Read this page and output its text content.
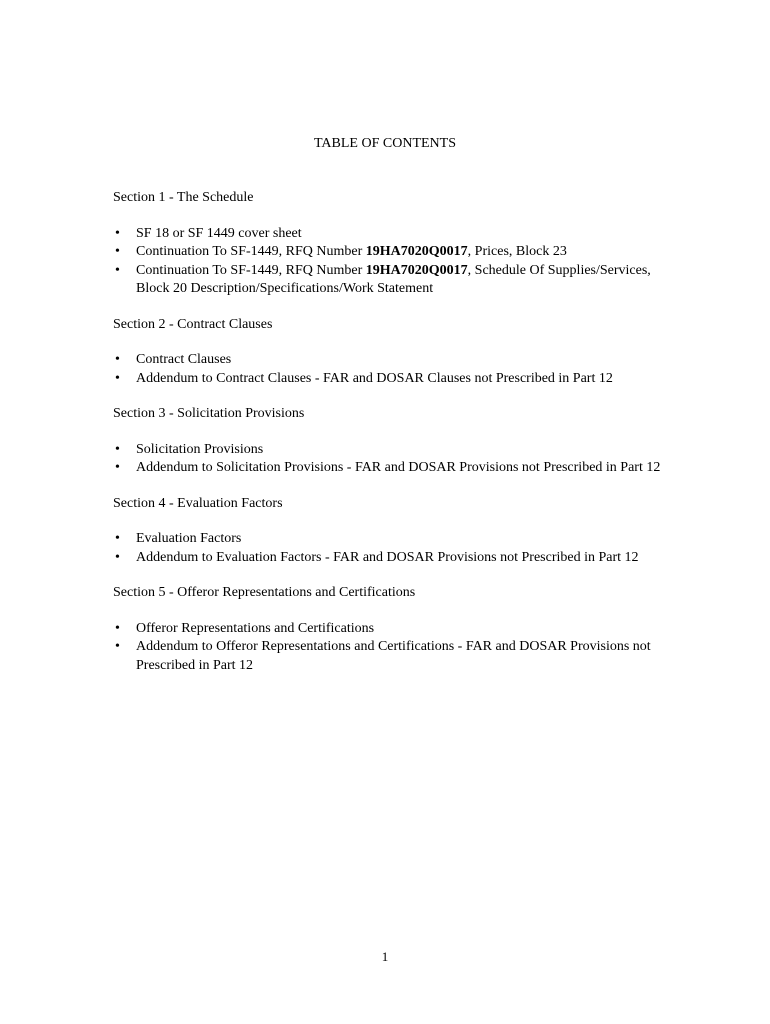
TABLE OF CONTENTS
Section 1 - The Schedule
• SF 18 or SF 1449 cover sheet
• Continuation To SF-1449, RFQ Number 19HA7020Q0017, Prices, Block 23
• Continuation To SF-1449, RFQ Number 19HA7020Q0017, Schedule Of Supplies/Services, Block 20 Description/Specifications/Work Statement
Section 2 - Contract Clauses
• Contract Clauses
• Addendum to Contract Clauses - FAR and DOSAR Clauses not Prescribed in Part 12
Section 3 - Solicitation Provisions
• Solicitation Provisions
• Addendum to Solicitation Provisions - FAR and DOSAR Provisions not Prescribed in Part 12
Section 4 - Evaluation Factors
• Evaluation Factors
• Addendum to Evaluation Factors - FAR and DOSAR Provisions not Prescribed in Part 12
Section 5 - Offeror Representations and Certifications
• Offeror Representations and Certifications
• Addendum to Offeror Representations and Certifications - FAR and DOSAR Provisions not Prescribed in Part 12
1
